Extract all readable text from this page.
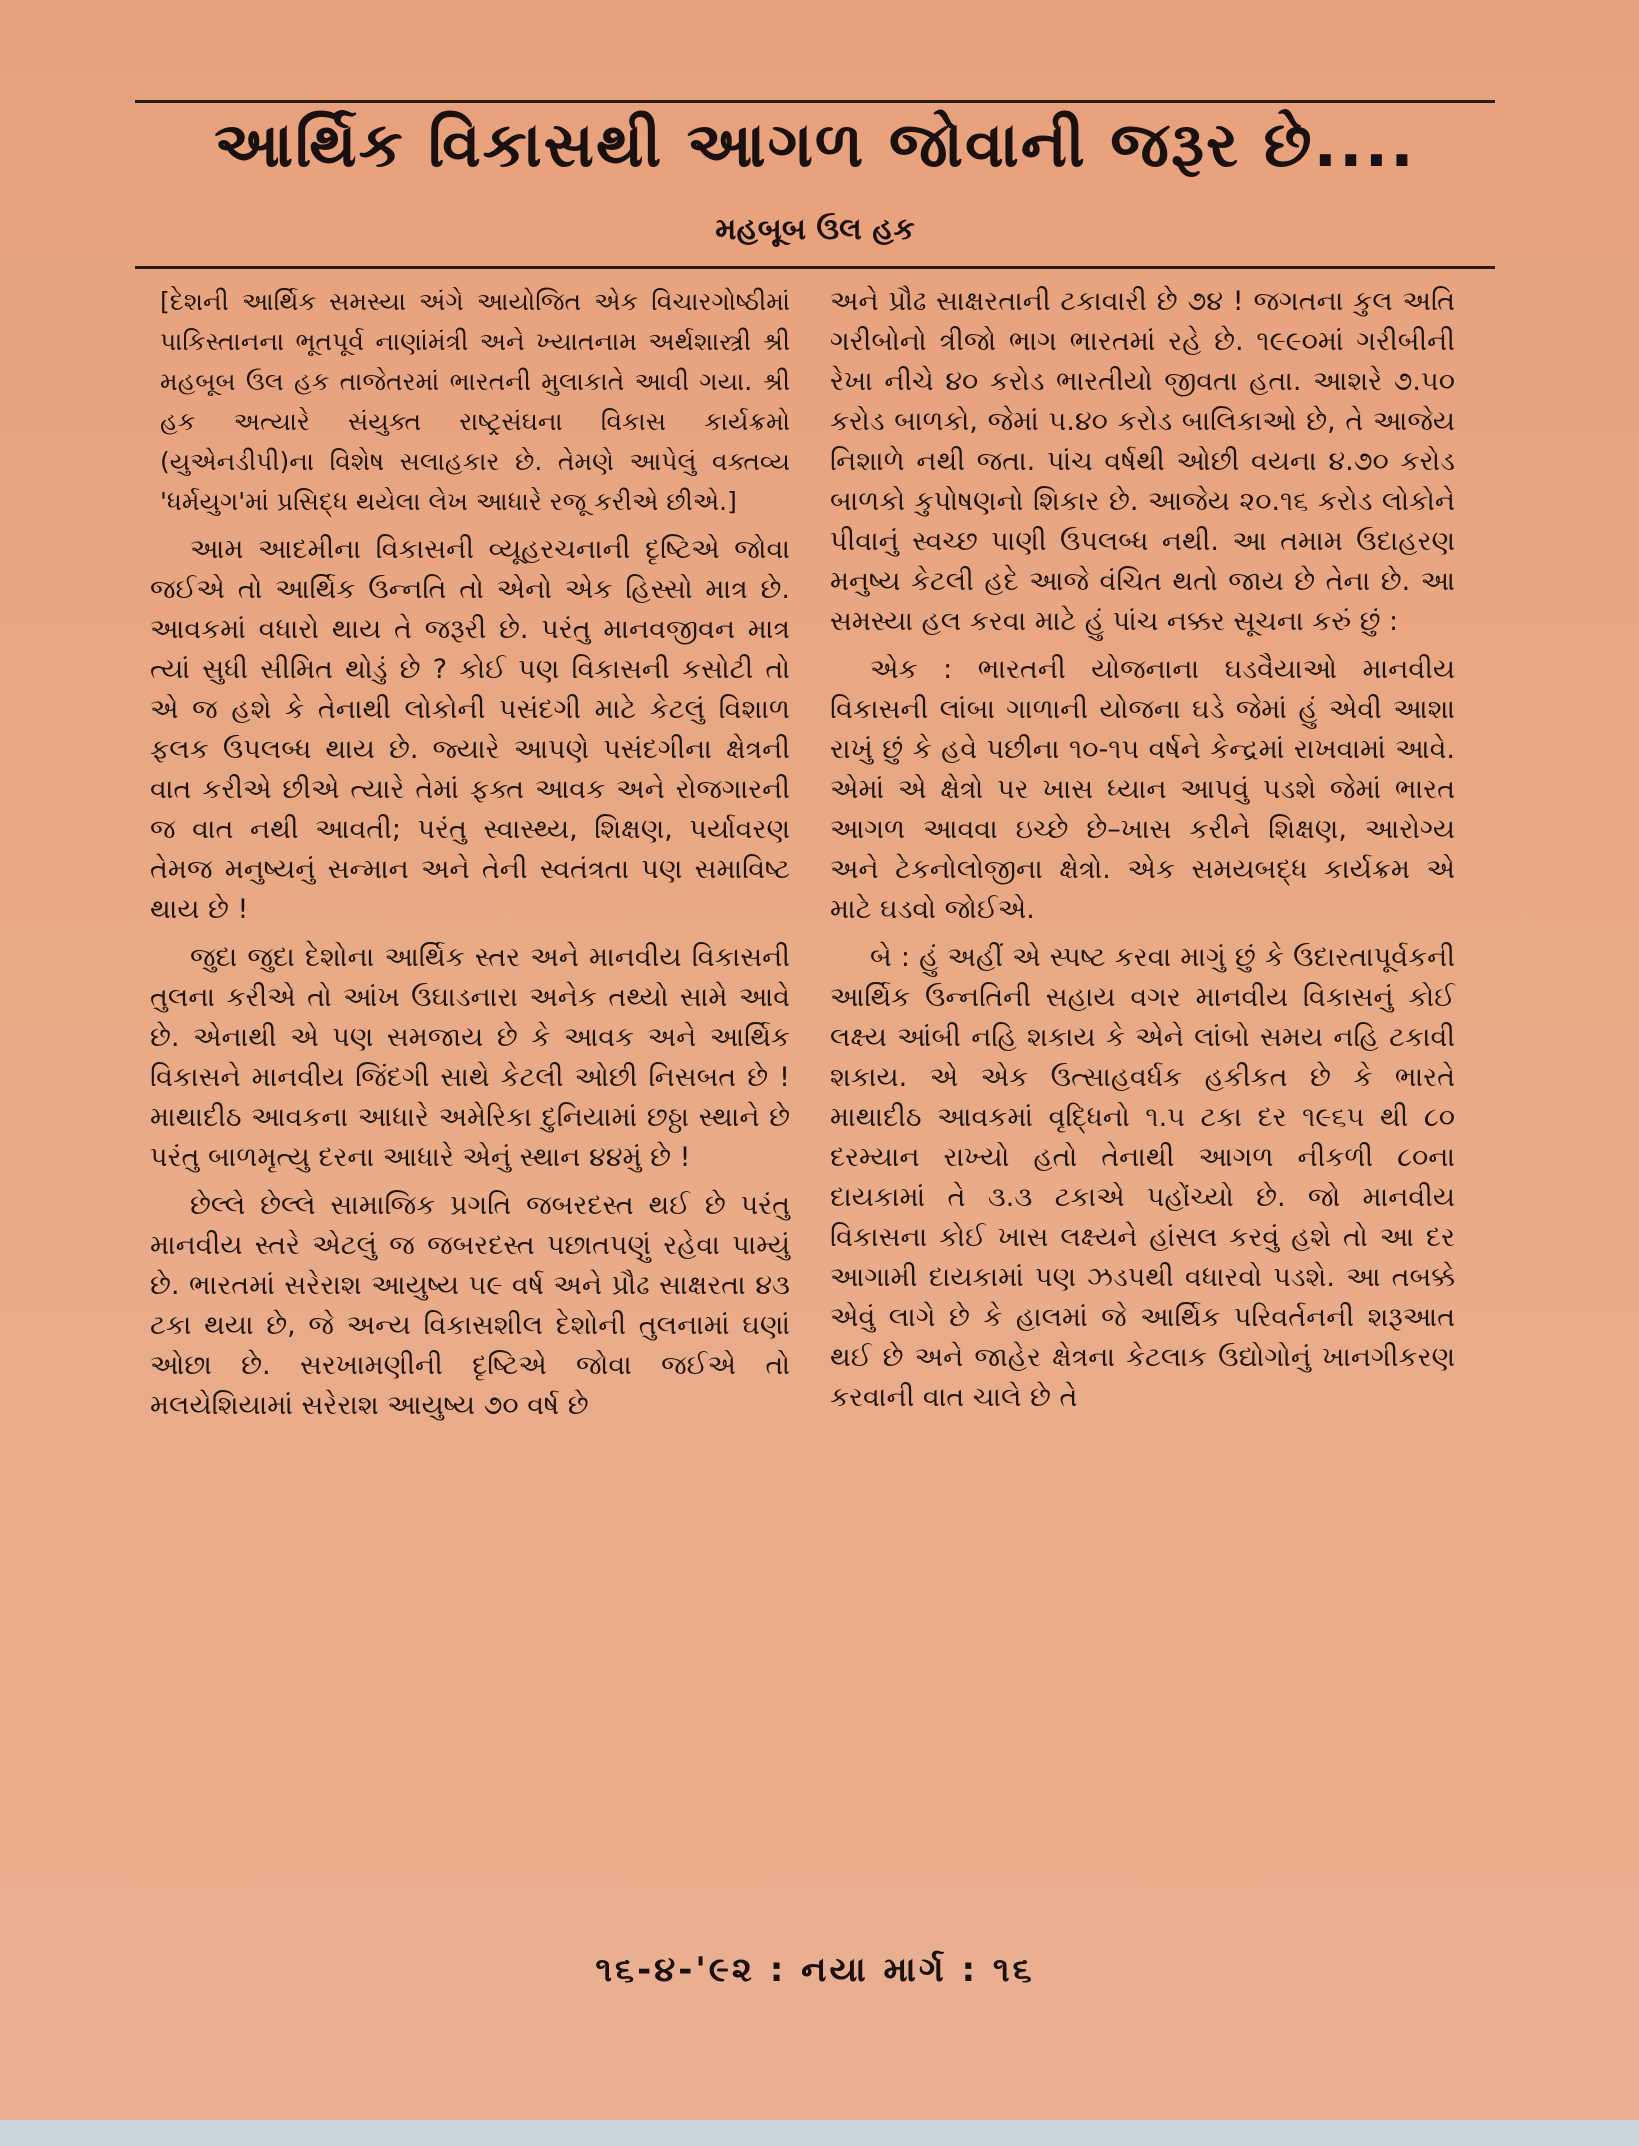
આર્થિક વિકાસથી આગળ જોવાની જરૂર છે....
મહબૂબ ઉલ હક

[દેશની આર્થિક સમસ્યા અંગે આયોજિત એક વિચારગોષ્ઠીમાં પાકિસ્તાનના ભૂતપૂર્વ નાણાંમંત્રી અને ખ્યાતનામ અર્થશાસ્ત્રી શ્રી મહબૂબ ઉલ હક તાજેતરમાં ભારતની મુલાકાતે આવી ગયા. શ્રી હક અત્યારે સંયુક્ત રાષ્ટ્રસંઘના વિકાસ કાર્યક્રમો (યુએનડીપી)ના વિશેષ સલાહકાર છે. તેમણે આપેલું વક્તવ્ય 'ધર્મયુગ'માં પ્રસિદ્ધ થયેલા લેખ આધારે રજૂ કરીએ છીએ.]

આમ આદમીના વિકાસની વ્યૂહરચનાની દૃષ્ટિએ જોવા જઈએ તો આર્થિક ઉન્નતિ તો એનો એક હિસ્સો માત્ર છે. આવકમાં વધારો થાય તે જરૂરી છે. પરંતુ માનવજીવન માત્ર ત્યાં સુધી સીમિત થોડું છે ? કોઈ પણ વિકાસની કસોટી તો એ જ હશે કે તેનાથી લોકોની પસંદગી માટે કેટલું વિશાળ ફલક ઉપલબ્ધ થાય છે. જ્યારે આપણે પસંદગીના ક્ષેત્રની વાત કરીએ છીએ ત્યારે તેમાં ફક્ત આવક અને રોજગારની જ વાત નથી આવતી; પરંતુ સ્વાસ્થ્ય, શિક્ષણ, પર્યાવરણ તેમજ મનુષ્યનું સન્માન અને તેની સ્વતંત્રતા પણ સમાવિષ્ટ થાય છે !

જુદા જુદા દેશોના આર્થિક સ્તર અને માનવીય વિકાસની તુલના કરીએ તો આંખ ઉઘાડનારા અનેક તથ્યો સામે આવે છે. એનાથી એ પણ સમજાય છે કે આવક અને આર્થિક વિકાસને માનવીય જિંદગી સાથે કેટલી ઓછી નિસબત છે ! માથાદીઠ આવકના આધારે અમેરિકા દુનિયામાં છઠ્ઠા સ્થાને છે પરંતુ બાળમૃત્યુ દરના આધારે એનું સ્થાન ૪૪મું છે !

છેલ્લે છેલ્લે સામાજિક પ્રગતિ જબરદસ્ત થઈ છે પરંતુ માનવીય સ્તરે એટલું જ જબરદસ્ત પછાતપણું રહેવા પામ્યું છે. ભારતમાં સરેરાશ આયુષ્ય ૫૯ વર્ષ અને પ્રૌઢ સાક્ષરતા ૪૩ ટકા થયા છે, જે અન્ય વિકાસશીલ દેશોની તુલનામાં ઘણાં ઓછા છે. સરખામણીની દૃષ્ટિએ જોવા જઈએ તો મલયેશિયામાં સરેરાશ આયુષ્ય ૭૦ વર્ષ છે

અને પ્રૌઢ સાક્ષરતાની ટકાવારી છે ૭૪ ! જગતના કુલ અતિ ગરીબોનો ત્રીજો ભાગ ભારતમાં રહે છે. ૧૯૯૦માં ગરીબીની રેખા નીચે ૪૦ કરોડ ભારતીયો જીવતા હતા. આશરે ૭.૫૦ કરોડ બાળકો, જેમાં ૫.૪૦ કરોડ બાલિકાઓ છે, તે આજેય નિશાળે નથી જતા. પાંચ વર્ષથી ઓછી વયના ૪.૭૦ કરોડ બાળકો કુપોષણનો શિકાર છે. આજેય ૨૦.૧૬ કરોડ લોકોને પીવાનું સ્વચ્છ પાણી ઉપલબ્ધ નથી. આ તમામ ઉદાહરણ મનુષ્ય કેટલી હદે આજે વંચિત થતો જાય છે તેના છે. આ સમસ્યા હલ કરવા માટે હું પાંચ નક્કર સૂચના કરું છું :

એક : ભારતની યોજનાના ઘડવૈયાઓ માનવીય વિકાસની લાંબા ગાળાની યોજના ઘડે જેમાં હું એવી આશા રાખું છું કે હવે પછીના ૧૦-૧૫ વર્ષને કેન્દ્રમાં રાખવામાં આવે. એમાં એ ક્ષેત્રો પર ખાસ ધ્યાન આપવું પડશે જેમાં ભારત આગળ આવવા ઇચ્છે છે–ખાસ કરીને શિક્ષણ, આરોગ્ય અને ટેકનોલોજીના ક્ષેત્રો. એક સમયબદ્ધ કાર્યક્રમ એ માટે ઘડવો જોઈએ.

બે : હું અહીં એ સ્પષ્ટ કરવા માગું છું કે ઉદારતાપૂર્વકની આર્થિક ઉન્નતિની સહાય વગર માનવીય વિકાસનું કોઈ લક્ષ્ય આંબી નહિ શકાય કે એને લાંબો સમય નહિ ટકાવી શકાય. એ એક ઉત્સાહવર્ધક હકીકત છે કે ભારતે માથાદીઠ આવકમાં વૃદ્ધિનો ૧.૫ ટકા દર ૧૯૬૫ થી ૮૦ દરમ્યાન રાખ્યો હતો તેનાથી આગળ નીકળી ૮૦ના દાયકામાં તે ૩.૩ ટકાએ પહોંચ્યો છે. જો માનવીય વિકાસના કોઈ ખાસ લક્ષ્યને હાંસલ કરવું હશે તો આ દર આગામી દાયકામાં પણ ઝડપથી વધારવો પડશે. આ તબક્કે એવું લાગે છે કે હાલમાં જે આર્થિક પરિવર્તનની શરૂઆત થઈ છે અને જાહેર ક્ષેત્રના કેટલાક ઉદ્યોગોનું ખાનગીકરણ કરવાની વાત ચાલે છે તે

૧૬-૪-'૯૨ : નયા માર્ગ : ૧૬
